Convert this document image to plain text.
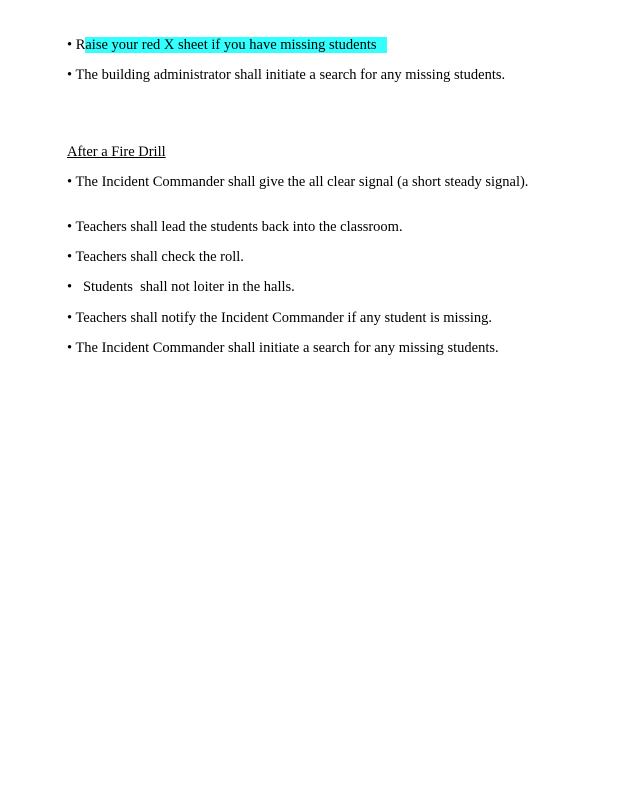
• Raise your red X sheet if you have missing students

• The building administrator shall initiate a search for any missing students.

After a Fire Drill

• The Incident Commander shall give the all clear signal (a short steady signal).

• Teachers shall lead the students back into the classroom.

• Teachers shall check the roll.

•   Students  shall not loiter in the halls.

• Teachers shall notify the Incident Commander if any student is missing.

• The Incident Commander shall initiate a search for any missing students.
